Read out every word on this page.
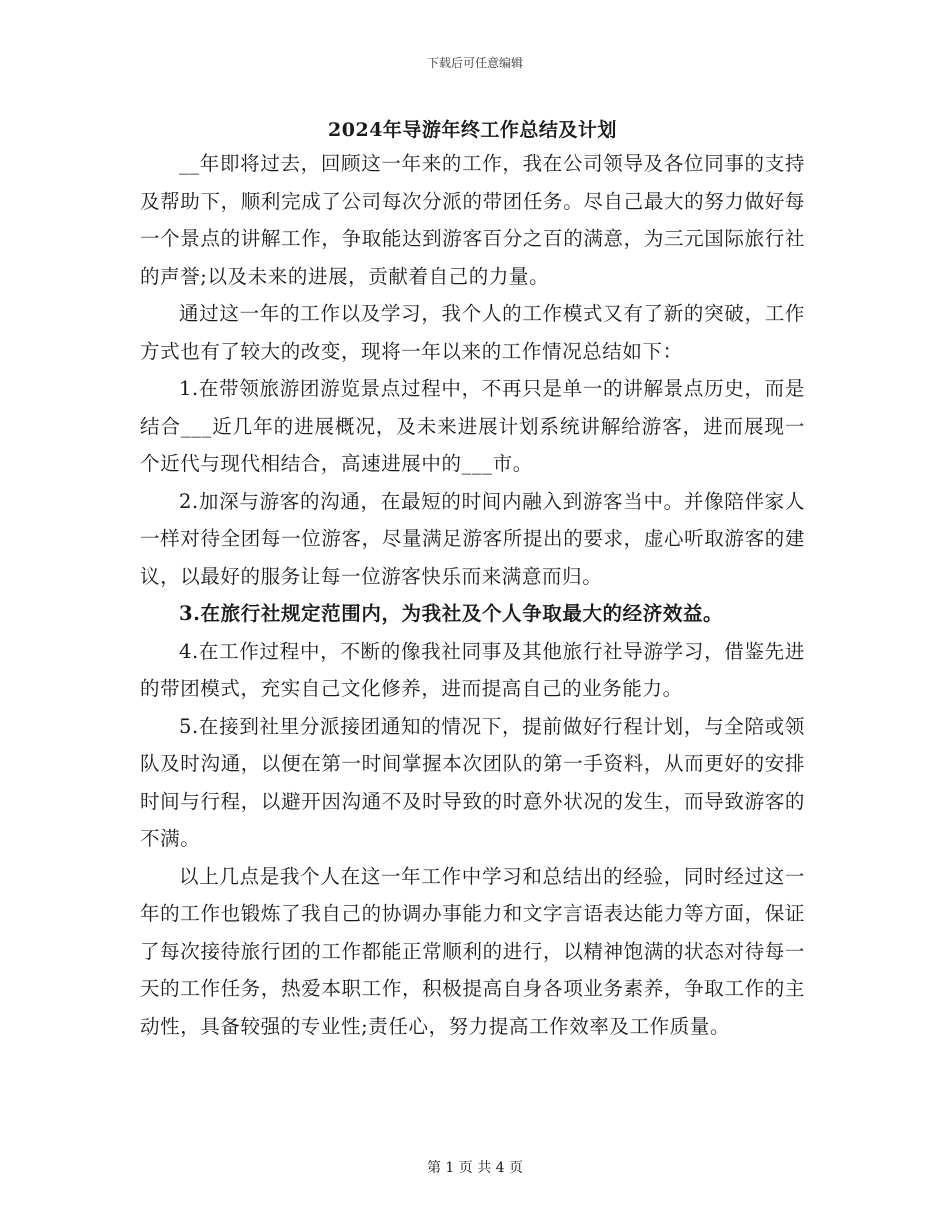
下载后可任意编辑
2024年导游年终工作总结及计划

__年即将过去，回顾这一年来的工作，我在公司领导及各位同事的支持及帮助下，顺利完成了公司每次分派的带团任务。尽自己最大的努力做好每一个景点的讲解工作，争取能达到游客百分之百的满意，为三元国际旅行社的声誉;以及未来的进展，贡献着自己的力量。

通过这一年的工作以及学习，我个人的工作模式又有了新的突破，工作方式也有了较大的改变，现将一年以来的工作情况总结如下：

1.在带领旅游团游览景点过程中，不再只是单一的讲解景点历史，而是结合___近几年的进展概况，及未来进展计划系统讲解给游客，进而展现一个近代与现代相结合，高速进展中的___市。

2.加深与游客的沟通，在最短的时间内融入到游客当中。并像陪伴家人一样对待全团每一位游客，尽量满足游客所提出的要求，虚心听取游客的建议，以最好的服务让每一位游客快乐而来满意而归。

3.在旅行社规定范围内，为我社及个人争取最大的经济效益。

4.在工作过程中，不断的像我社同事及其他旅行社导游学习，借鉴先进的带团模式，充实自己文化修养，进而提高自己的业务能力。

5.在接到社里分派接团通知的情况下，提前做好行程计划，与全陪或领队及时沟通，以便在第一时间掌握本次团队的第一手资料，从而更好的安排时间与行程，以避开因沟通不及时导致的时意外状况的发生，而导致游客的不满。

以上几点是我个人在这一年工作中学习和总结出的经验，同时经过这一年的工作也锻炼了我自己的协调办事能力和文字言语表达能力等方面，保证了每次接待旅行团的工作都能正常顺利的进行，以精神饱满的状态对待每一天的工作任务，热爱本职工作，积极提高自身各项业务素养，争取工作的主动性，具备较强的专业性;责任心，努力提高工作效率及工作质量。

第 1 页 共 4 页
